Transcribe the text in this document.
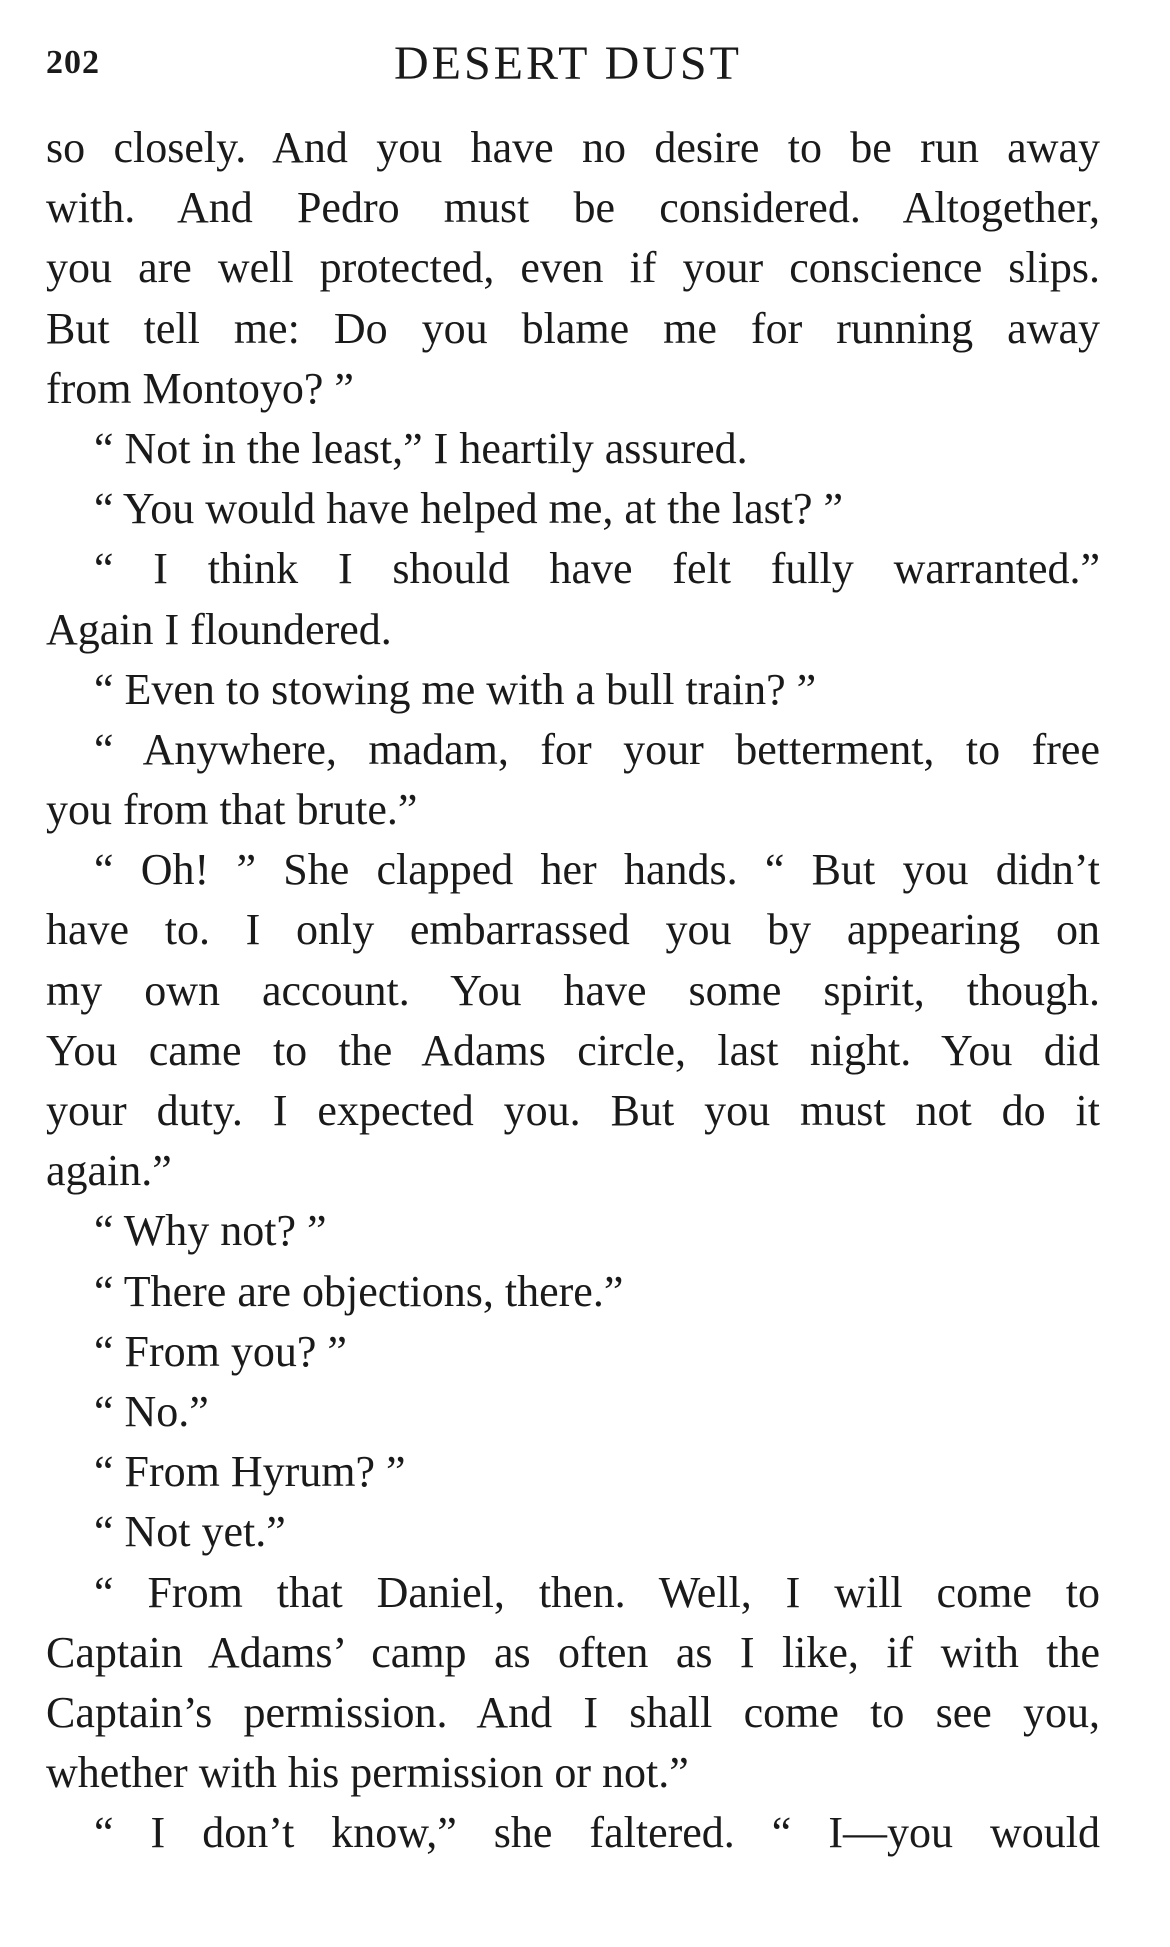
202	DESERT DUST
so closely. And you have no desire to be run away
with. And Pedro must be considered. Altogether,
you are well protected, even if your conscience slips.
But tell me: Do you blame me for running away
from Montoyo? ”
“ Not in the least,” I heartily assured.
“ You would have helped me, at the last? ”
“ I think I should have felt fully warranted.”
Again I floundered.
“ Even to stowing me with a bull train? ”
“ Anywhere, madam, for your betterment, to free
you from that brute.”
“ Oh! ” She clapped her hands. “ But you didn’t
have to. I only embarrassed you by appearing on
my own account. You have some spirit, though.
You came to the Adams circle, last night. You did
your duty. I expected you. But you must not do it
again.”
“ Why not? ”
“ There are objections, there.”
“ From you? ”
“ No.”
“ From Hyrum? ”
“ Not yet.”
“ From that Daniel, then. Well, I will come to
Captain Adams’ camp as often as I like, if with the
Captain’s permission. And I shall come to see you,
whether with his permission or not.”
“ I don’t know,” she faltered. “ I—you would
